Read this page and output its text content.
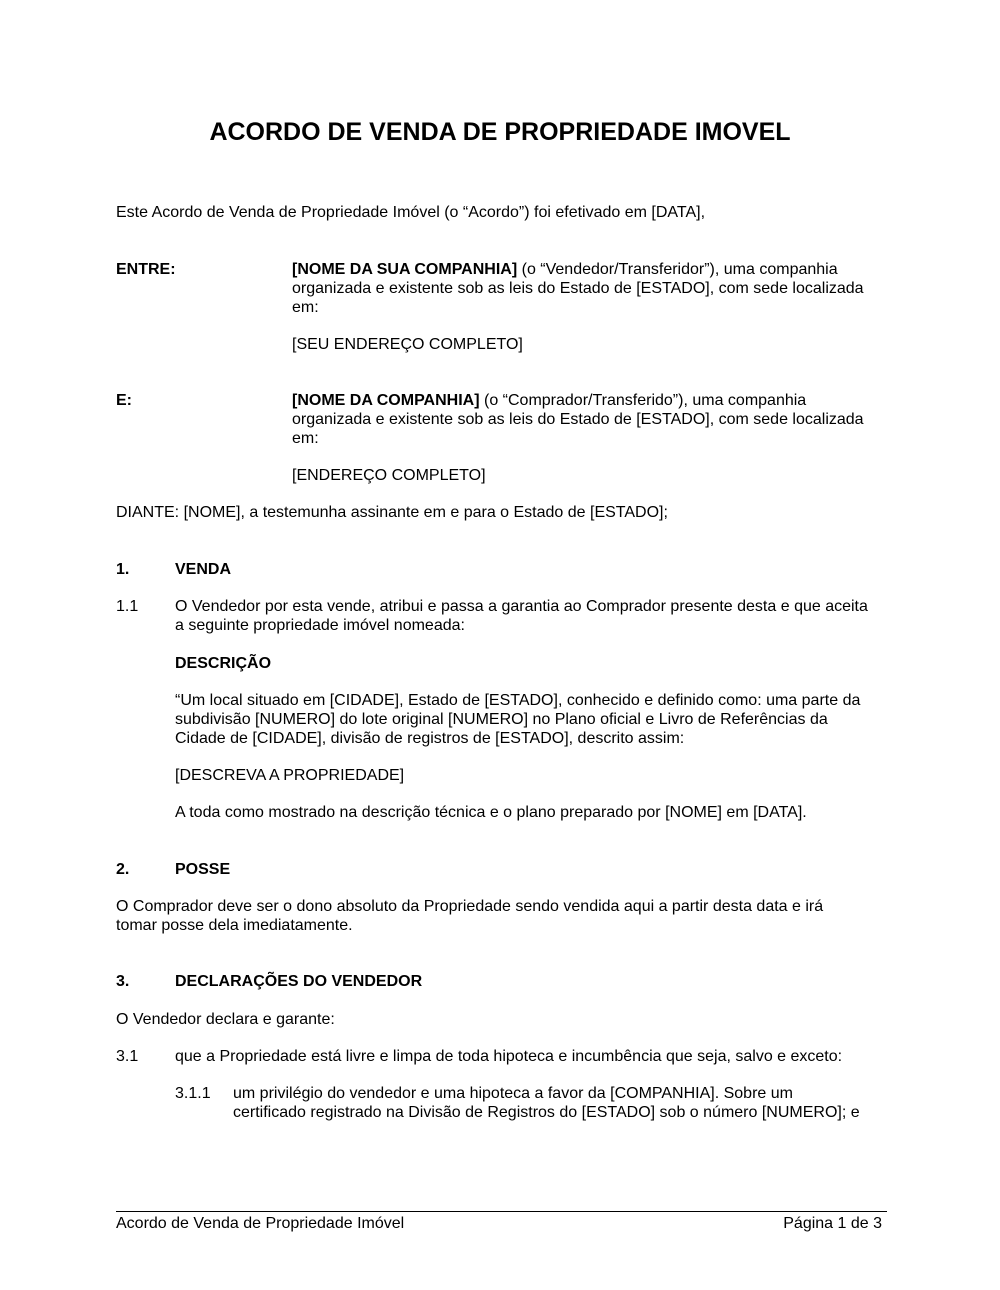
ACORDO DE VENDA DE PROPRIEDADE IMOVEL
Este Acordo de Venda de Propriedade Imóvel (o “Acordo”) foi efetivado em [DATA],
ENTRE:	[NOME DA SUA COMPANHIA] (o “Vendedor/Transferidor”), uma companhia
organizada e existente sob as leis do Estado de [ESTADO], com sede localizada
em:
[SEU ENDEREÇO COMPLETO]
E:	[NOME DA COMPANHIA] (o “Comprador/Transferido”), uma companhia
organizada e existente sob as leis do Estado de [ESTADO], com sede localizada
em:
[ENDEREÇO COMPLETO]
DIANTE: [NOME], a testemunha assinante em e para o Estado de [ESTADO];
1.	VENDA
1.1 O Vendedor por esta vende, atribui e passa a garantia ao Comprador presente desta e que aceita
a seguinte propriedade imóvel nomeada:
DESCRIÇÃO
“Um local situado em [CIDADE], Estado de [ESTADO], conhecido e definido como: uma parte da
subdivisão [NUMERO] do lote original [NUMERO] no Plano oficial e Livro de Referências da
Cidade de [CIDADE], divisão de registros de [ESTADO], descrito assim:
[DESCREVA A PROPRIEDADE]
A toda como mostrado na descrição técnica e o plano preparado por [NOME] em [DATA].
2.	POSSE
O Comprador deve ser o dono absoluto da Propriedade sendo vendida aqui a partir desta data e irá
tomar posse dela imediatamente.
3.	DECLARAÇÕES DO VENDEDOR
O Vendedor declara e garante:
3.1 que a Propriedade está livre e limpa de toda hipoteca e incumbência que seja, salvo e exceto:
3.1.1 um privilégio do vendedor e uma hipoteca a favor da [COMPANHIA]. Sobre um
certificado registrado na Divisão de Registros do [ESTADO] sob o número [NUMERO]; e
Acordo de Venda de Propriedade Imóvel	Página 1 de 3
